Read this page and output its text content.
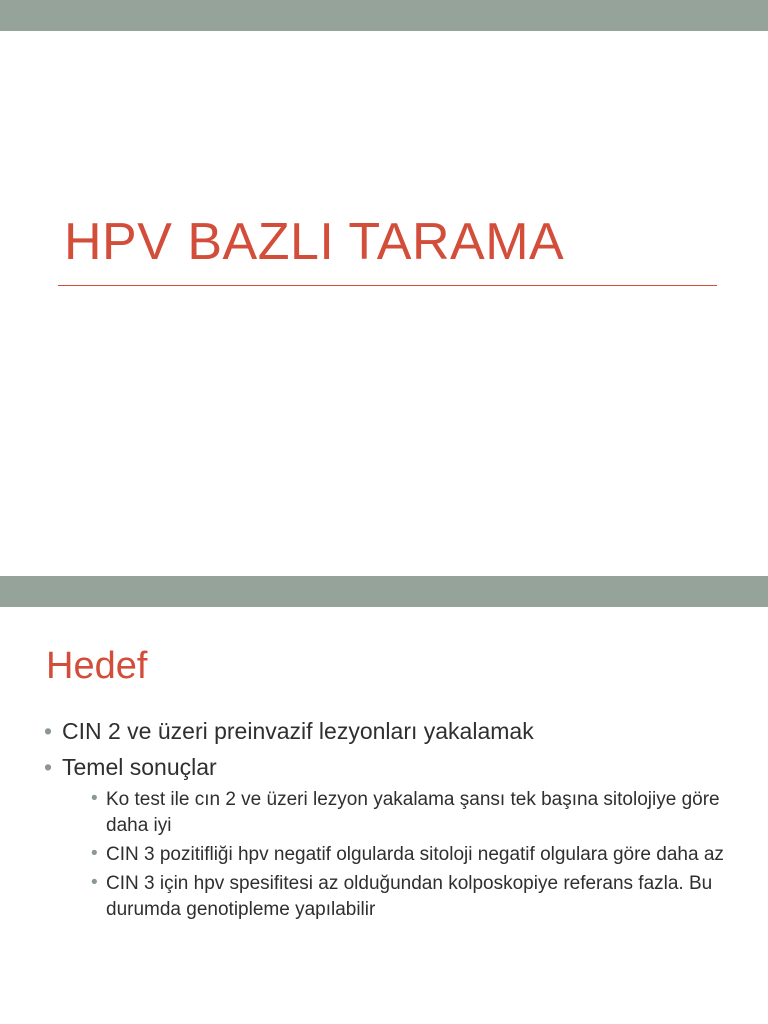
HPV BAZLI TARAMA
Hedef
• CIN 2 ve üzeri preinvazif lezyonları yakalamak
• Temel sonuçlar
• Ko test ile cın 2 ve üzeri lezyon yakalama şansı tek başına sitolojiye göre daha iyi
• CIN 3 pozitifliği hpv negatif olgularda sitoloji negatif olgulara göre daha az
• CIN 3 için hpv spesifitesi az olduğundan kolposkopiye referans fazla. Bu durumda genotipleme yapılabilir
